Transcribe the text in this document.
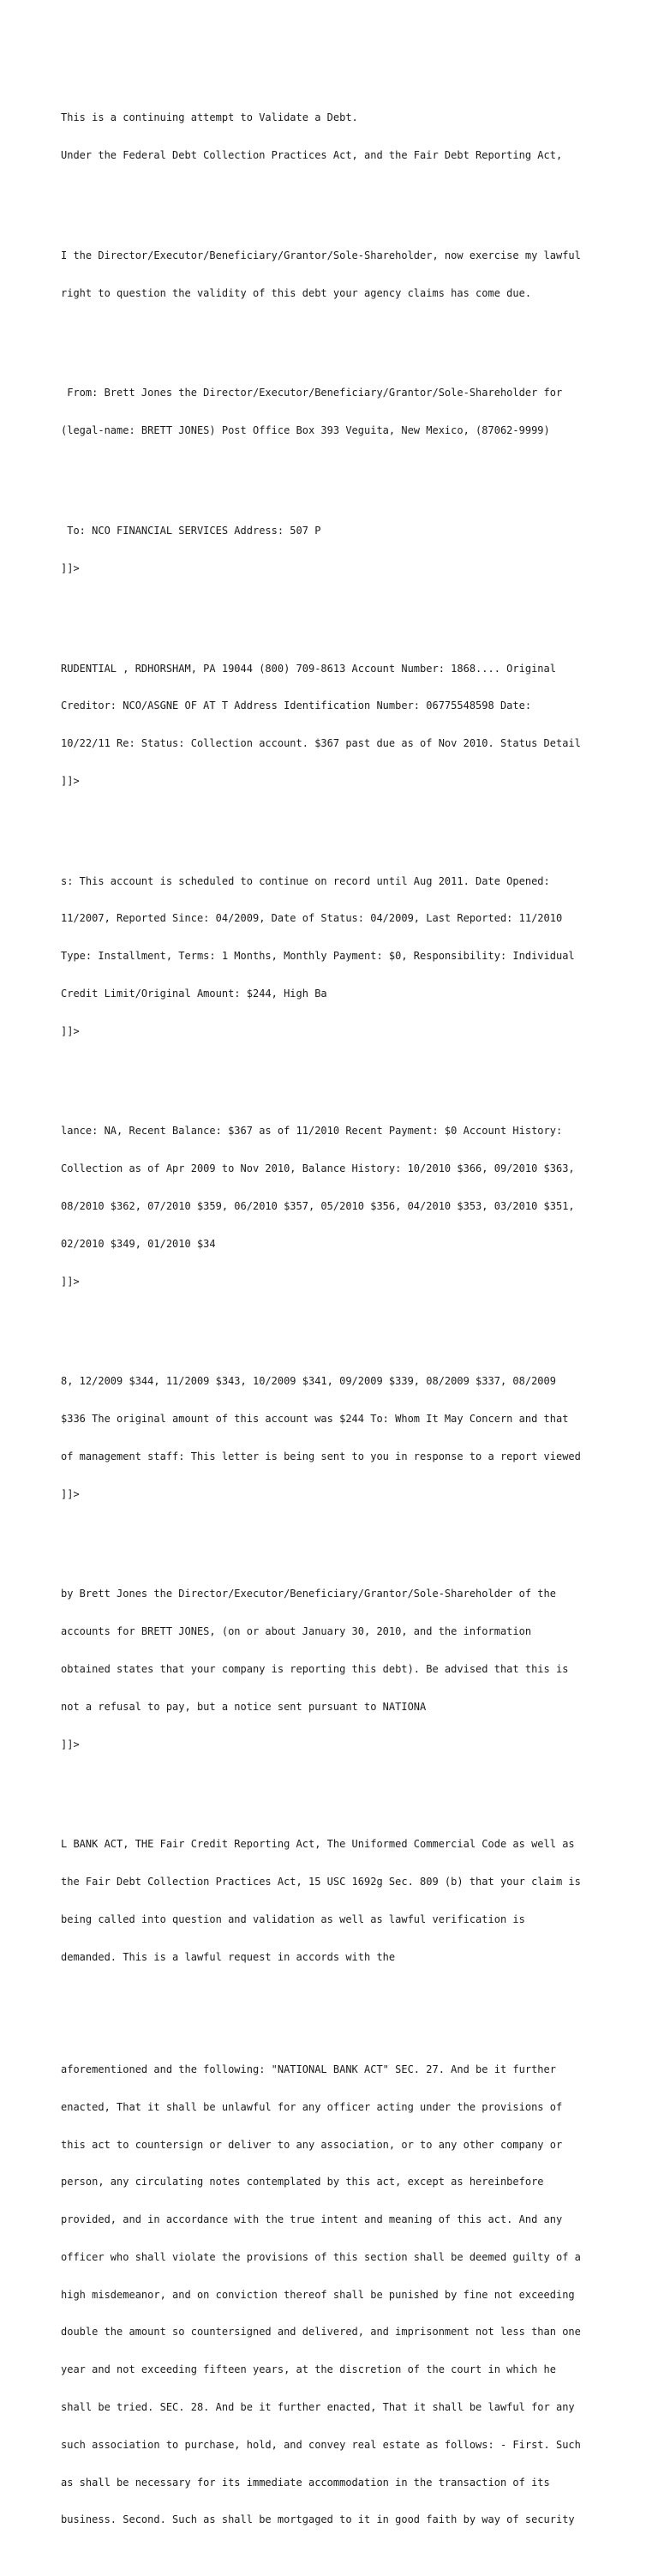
This is a continuing attempt to Validate a Debt.

Under the Federal Debt Collection Practices Act, and the Fair Debt Reporting Act,

I the Director/Executor/Beneficiary/Grantor/Sole-Shareholder, now exercise my lawful

right to question the validity of this debt your agency claims has come due.

From: Brett Jones the Director/Executor/Beneficiary/Grantor/Sole-Shareholder for

(legal-name: BRETT JONES) Post Office Box 393 Veguita, New Mexico, (87062-9999)

To: NCO FINANCIAL SERVICES Address: 507 P

]]>

RUDENTIAL , RDHORSHAM, PA 19044 (800) 709-8613 Account Number: 1868.... Original

Creditor: NCO/ASGNE OF AT T Address Identification Number: 06775548598 Date:

10/22/11 Re: Status: Collection account. $367 past due as of Nov 2010. Status Detail

]]>

s: This account is scheduled to continue on record until Aug 2011. Date Opened:

11/2007, Reported Since: 04/2009, Date of Status: 04/2009, Last Reported: 11/2010

Type: Installment, Terms: 1 Months, Monthly Payment: $0, Responsibility: Individual

Credit Limit/Original Amount: $244, High Ba

]]>

lance: NA, Recent Balance: $367 as of 11/2010 Recent Payment: $0 Account History:

Collection as of Apr 2009 to Nov 2010, Balance History: 10/2010 $366, 09/2010 $363,

08/2010 $362, 07/2010 $359, 06/2010 $357, 05/2010 $356, 04/2010 $353, 03/2010 $351,

02/2010 $349, 01/2010 $34

]]>

8, 12/2009 $344, 11/2009 $343, 10/2009 $341, 09/2009 $339, 08/2009 $337, 08/2009

$336 The original amount of this account was $244 To: Whom It May Concern and that

of management staff: This letter is being sent to you in response to a report viewed

]]>

by Brett Jones the Director/Executor/Beneficiary/Grantor/Sole-Shareholder of the

accounts for BRETT JONES, (on or about January 30, 2010, and the information

obtained states that your company is reporting this debt). Be advised that this is

not a refusal to pay, but a notice sent pursuant to NATIONA

]]>

L BANK ACT, THE Fair Credit Reporting Act, The Uniformed Commercial Code as well as

the Fair Debt Collection Practices Act, 15 USC 1692g Sec. 809 (b) that your claim is

being called into question and validation as well as lawful verification is

demanded. This is a lawful request in accords with the

aforementioned and the following: "NATIONAL BANK ACT" SEC. 27. And be it further

enacted, That it shall be unlawful for any officer acting under the provisions of

this act to countersign or deliver to any association, or to any other company or

person, any circulating notes contemplated by this act, except as hereinbefore

provided, and in accordance with the true intent and meaning of this act. And any

officer who shall violate the provisions of this section shall be deemed guilty of a

high misdemeanor, and on conviction thereof shall be punished by fine not exceeding

double the amount so countersigned and delivered, and imprisonment not less than one

year and not exceeding fifteen years, at the discretion of the court in which he

shall be tried. SEC. 28. And be it further enacted, That it shall be lawful for any

such association to purchase, hold, and convey real estate as follows: - First. Such

as shall be necessary for its immediate accommodation in the transaction of its

business. Second. Such as shall be mortgaged to it in good faith by way of security
